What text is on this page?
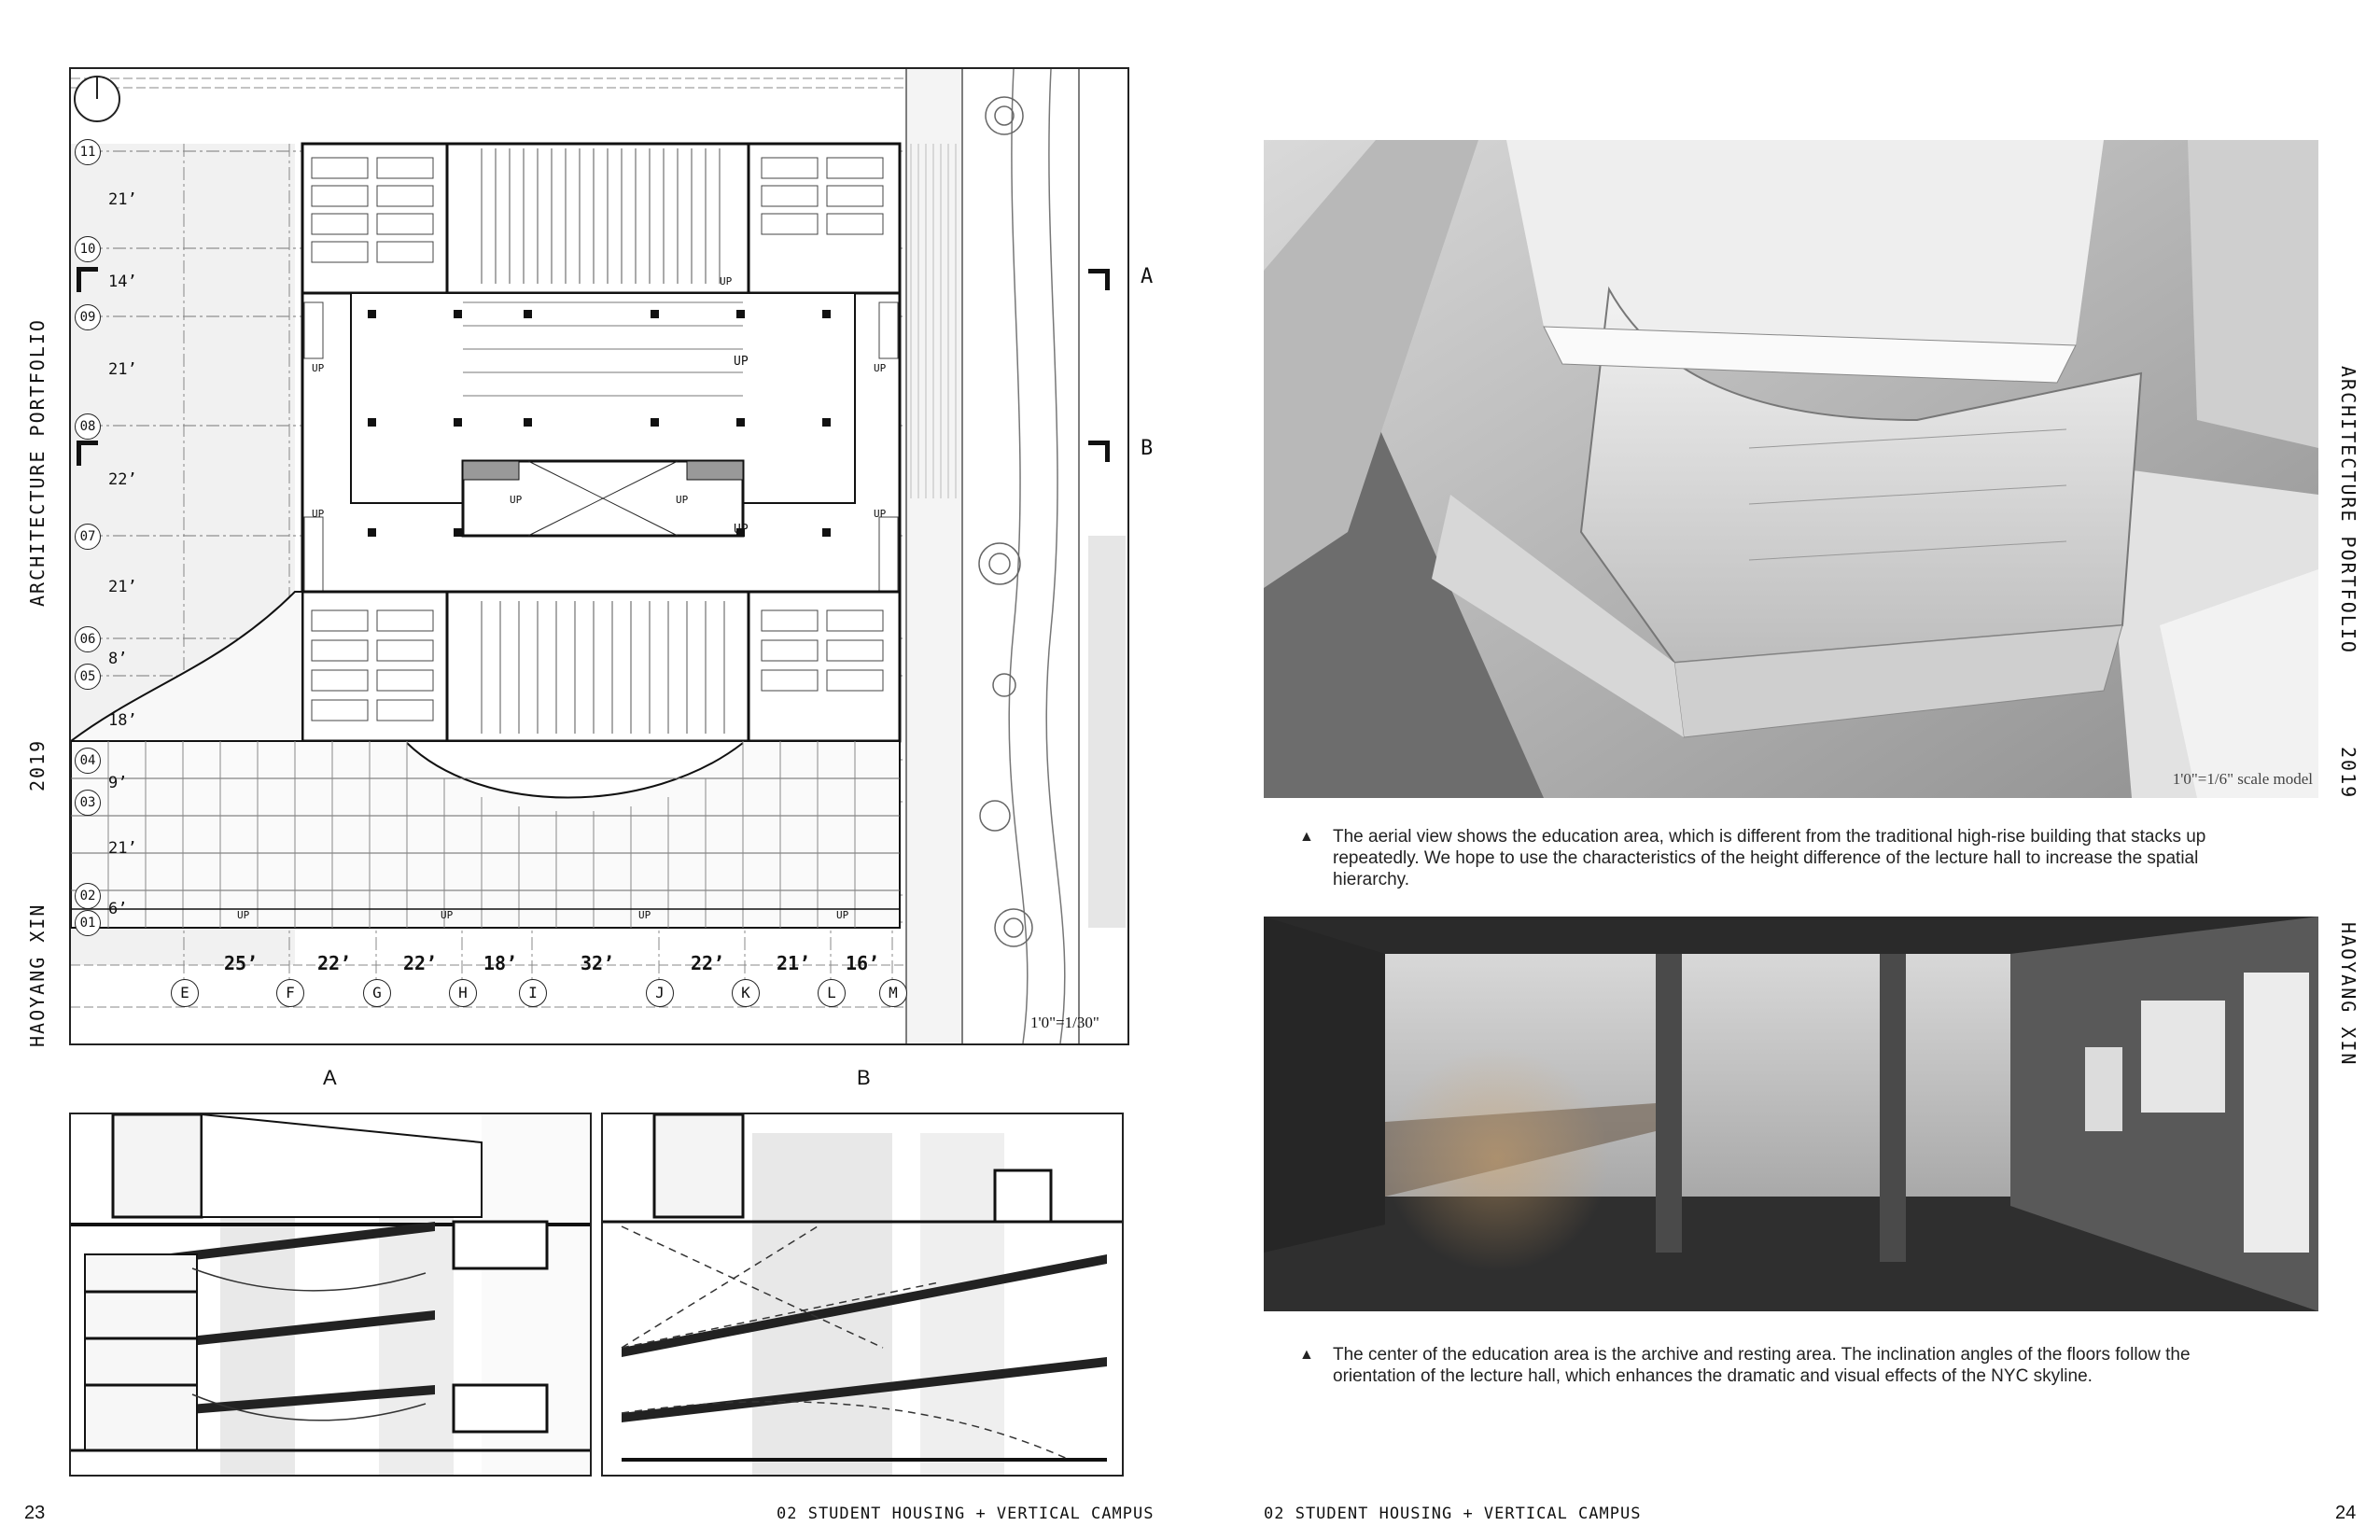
ARCHITECTURE PORTFOLIO
2019
HAOYANG XIN
ARCHITECTURE PORTFOLIO
2019
HAOYANG XIN
11
10
09
08
07
06
05
04
03
02
01
21’
14’
21’
22’
21’
8’
18’
9’
21’
6’
UP
UP	UP
UP
UP
UP	UP
UP	UP
UP	UP	UP	UP
25’	22’	22’ 18’	32’	22’	21’ 16’
E	F	G	H	I	J	K	L	M
1'0"=1/30"
A
B
A	B
1'0"=1/6" scale model
▲ The aerial view shows the education area, which is different from the traditional high-rise building that stacks up repeatedly. We hope to use the characteristics of the height difference of the lecture hall to increase the spatial hierarchy.
▲ The center of the education area is the archive and resting area. The inclination angles of the floors follow the orientation of the lecture hall, which enhances the dramatic and visual effects of the NYC skyline.
23	02 STUDENT HOUSING + VERTICAL CAMPUS	02 STUDENT HOUSING + VERTICAL CAMPUS	24
